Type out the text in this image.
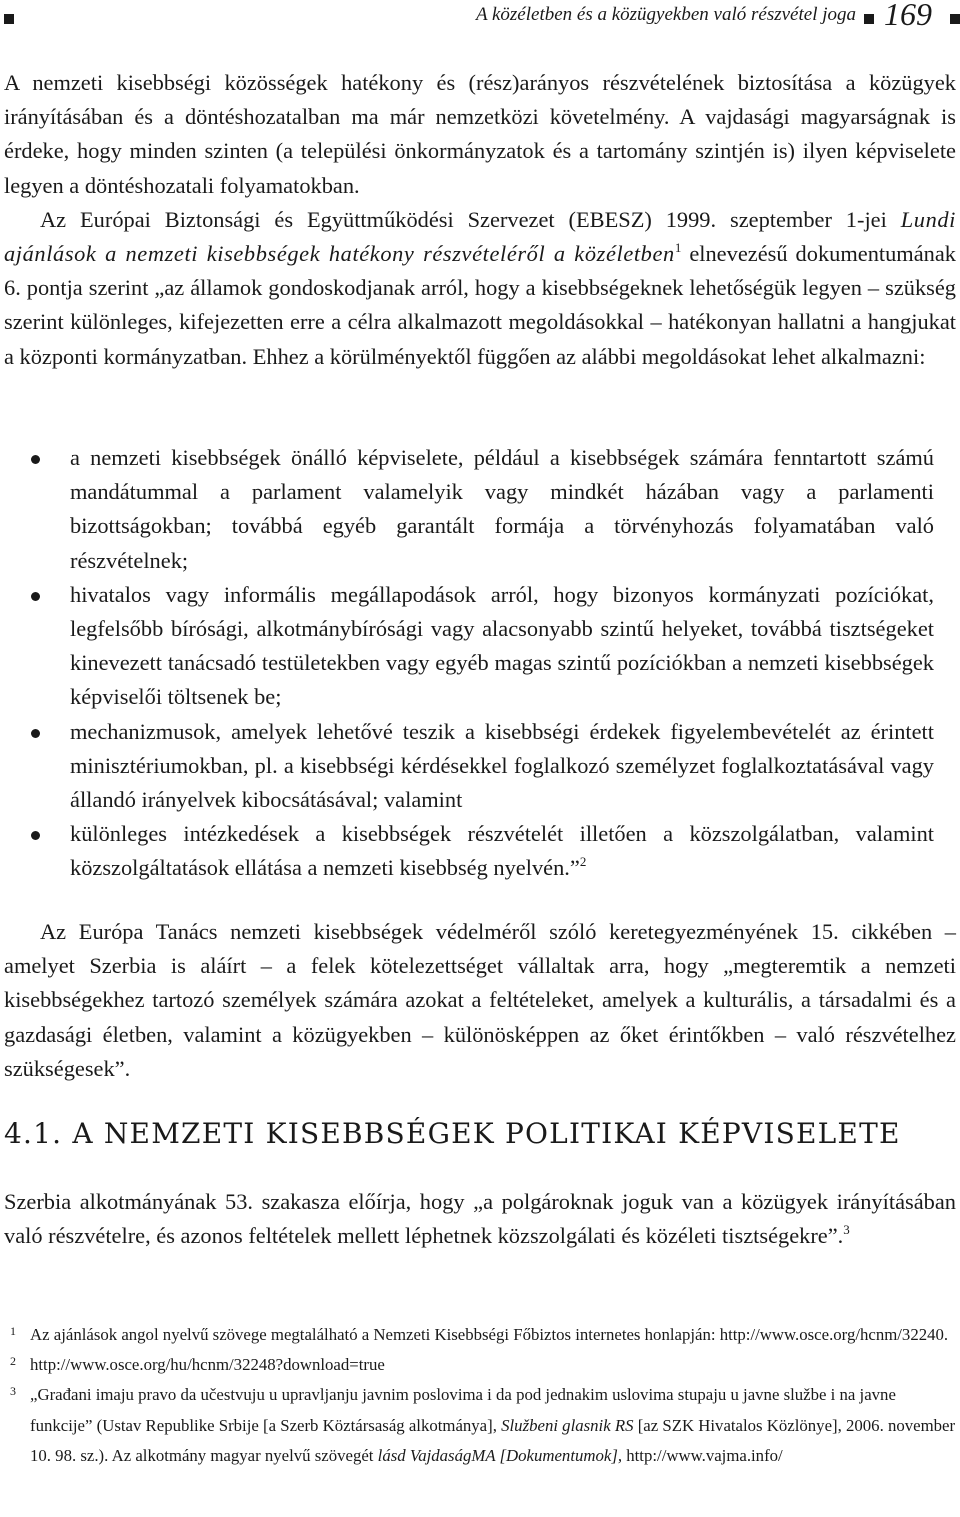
A közéletben és a közügyekben való részvétel joga 169

A nemzeti kisebbségi közösségek hatékony és (rész)arányos részvételének biztosítása a közügyek irányításában és a döntéshozatalban ma már nemzetközi követelmény. A vajdasági magyarságnak is érdeke, hogy minden szinten (a települési önkormányzatok és a tartomány szintjén is) ilyen képviselete legyen a döntéshozatali folyamatokban.

Az Európai Biztonsági és Együttműködési Szervezet (EBESZ) 1999. szeptember 1-jei Lundi ajánlások a nemzeti kisebbségek hatékony részvételéről a közéletben$^1$ elnevezésű dokumentumának 6. pontja szerint „az államok gondoskodjanak arról, hogy a kisebbségeknek lehetőségük legyen – szükség szerint különleges, kifejezetten erre a célra alkalmazott megoldásokkal – hatékonyan hallatni a hangjukat a központi kormányzatban. Ehhez a körülményektől függően az alábbi megoldásokat lehet alkalmazni:

a nemzeti kisebbségek önálló képviselete, például a kisebbségek számára fenntartott számú mandátummal a parlament valamelyik vagy mindkét házában vagy a parlamenti bizottságokban; továbbá egyéb garantált formája a törvényhozás folyamatában való részvételnek;
hivatalos vagy informális megállapodások arról, hogy bizonyos kormányzati pozíciókat, legfelsőbb bírósági, alkotmánybírósági vagy alacsonyabb szintű helyeket, továbbá tisztségeket kinevezett tanácsadó testületekben vagy egyéb magas szintű pozíciókban a nemzeti kisebbségek képviselői töltsenek be;
mechanizmusok, amelyek lehetővé teszik a kisebbségi érdekek figyelembevételét az érintett minisztériumokban, pl. a kisebbségi kérdésekkel foglalkozó személyzet foglalkoztatásával vagy állandó irányelvek kibocsátásával; valamint
különleges intézkedések a kisebbségek részvételét illetően a közszolgálatban, valamint közszolgáltatások ellátása a nemzeti kisebbség nyelvén.”$^2$

Az Európa Tanács nemzeti kisebbségek védelméről szóló keretegyezményének 15. cikkében – amelyet Szerbia is aláírt – a felek kötelezettséget vállaltak arra, hogy „megteremtik a nemzeti kisebbségekhez tartozó személyek számára azokat a feltételeket, amelyek a kulturális, a társadalmi és a gazdasági életben, valamint a közügyekben – különösképpen az őket érintőkben – való részvételhez szükségesek”.

4.1. A NEMZETI KISEBBSÉGEK POLITIKAI KÉPVISELETE

Szerbia alkotmányának 53. szakasza előírja, hogy „a polgároknak joguk van a közügyek irányításában való részvételre, és azonos feltételek mellett léphetnek közszolgálati és közéleti tisztségekre”.$^3$

1 Az ajánlások angol nyelvű szövege megtalálható a Nemzeti Kisebbségi Főbiztos internetes honlapján: http://www.osce.org/hcnm/32240.
2 http://www.osce.org/hu/hcnm/32248?download=true
3 „Građani imaju pravo da učestvuju u upravljanju javnim poslovima i da pod jednakim uslovima stupaju u javne službe i na javne funkcije” (Ustav Republike Srbije [a Szerb Köztársaság alkotmánya], Službeni glasnik RS [az SZK Hivatalos Közlönye], 2006. november 10. 98. sz.). Az alkotmány magyar nyelvű szövegét lásd VajdaságMA [Dokumentumok], http://www.vajma.info/
